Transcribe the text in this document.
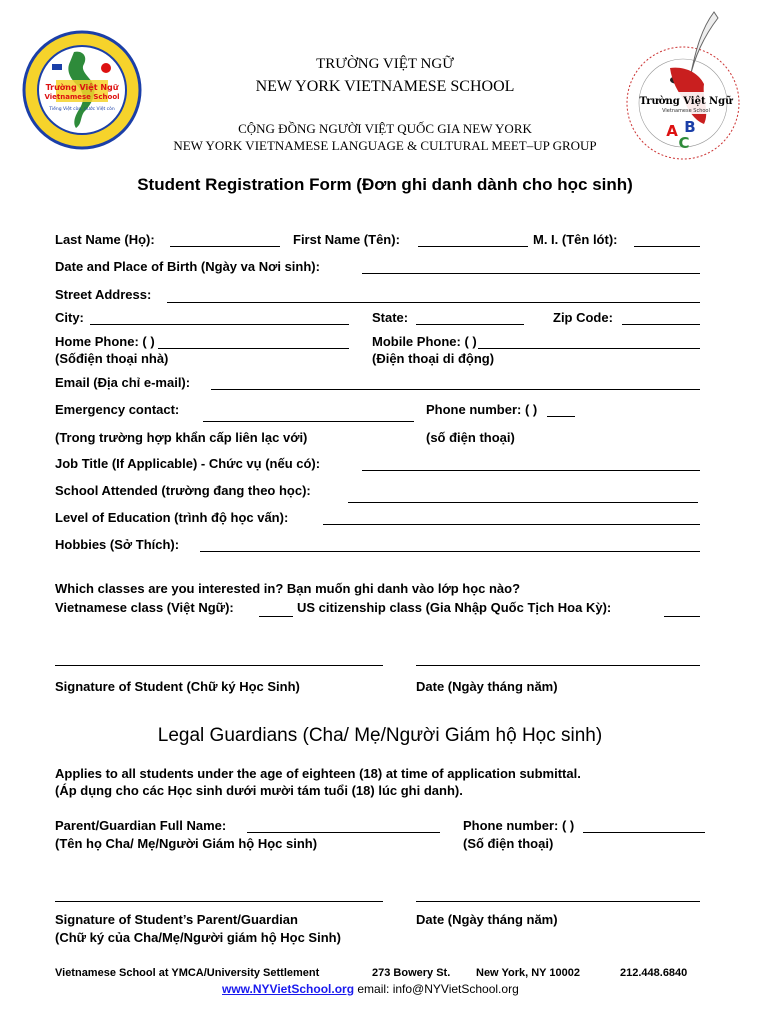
Trường Việt Ngữ
Vietnamese School
Tiếng Việt còn, nước Việt còn
Trường Việt Ngữ
Vietnamese School
A B
C
TRƯỜNG VIỆT NGỮ
NEW YORK VIETNAMESE SCHOOL
CỘNG ĐỒNG NGƯỜI VIỆT QUỐC GIA NEW YORK
NEW YORK VIETNAMESE LANGUAGE & CULTURAL MEET–UP GROUP
Student Registration Form (Đơn ghi danh dành cho học sinh)
Last Name (Họ):	First Name (Tên):	M. I. (Tên lót):
Date and Place of Birth (Ngày va Nơi sinh):
Street Address:
City:	State:	Zip Code:
Home Phone: ( )
(Sốđiện thoại nhà)
Mobile Phone: ( )
(Điện thoại di động)
Email (Địa chỉ e-mail):
Emergency contact:	Phone number: ( )
(Trong trường hợp khẩn cấp liên lạc với)	(số điện thoại)
Job Title (If Applicable) - Chức vụ (nếu có):
School Attended (trường đang theo học):
Level of Education (trình độ học vấn):
Hobbies (Sở Thích):
Which classes are you interested in? Bạn muốn ghi danh vào lớp học nào?
Vietnamese class (Việt Ngữ):	US citizenship class (Gia Nhập Quốc Tịch Hoa Kỳ):
Signature of Student (Chữ ký Học Sinh)	Date (Ngày tháng năm)
Legal Guardians (Cha/ Mẹ/Người Giám hộ Học sinh)
Applies to all students under the age of eighteen (18) at time of application submittal.
(Áp dụng cho các Học sinh dưới mười tám tuổi (18) lúc ghi danh).
Parent/Guardian Full Name:
(Tên họ Cha/ Mẹ/Người Giám hộ Học sinh)
Phone number: ( )
(Số điện thoại)
Signature of Student’s Parent/Guardian
(Chữ ký của Cha/Mẹ/Người giám hộ Học Sinh)
Date (Ngày tháng năm)
Vietnamese School at YMCA/University Settlement	273 Bowery St. New York, NY 10002	212.448.6840
www.NYVietSchool.org email: info@NYVietSchool.org
